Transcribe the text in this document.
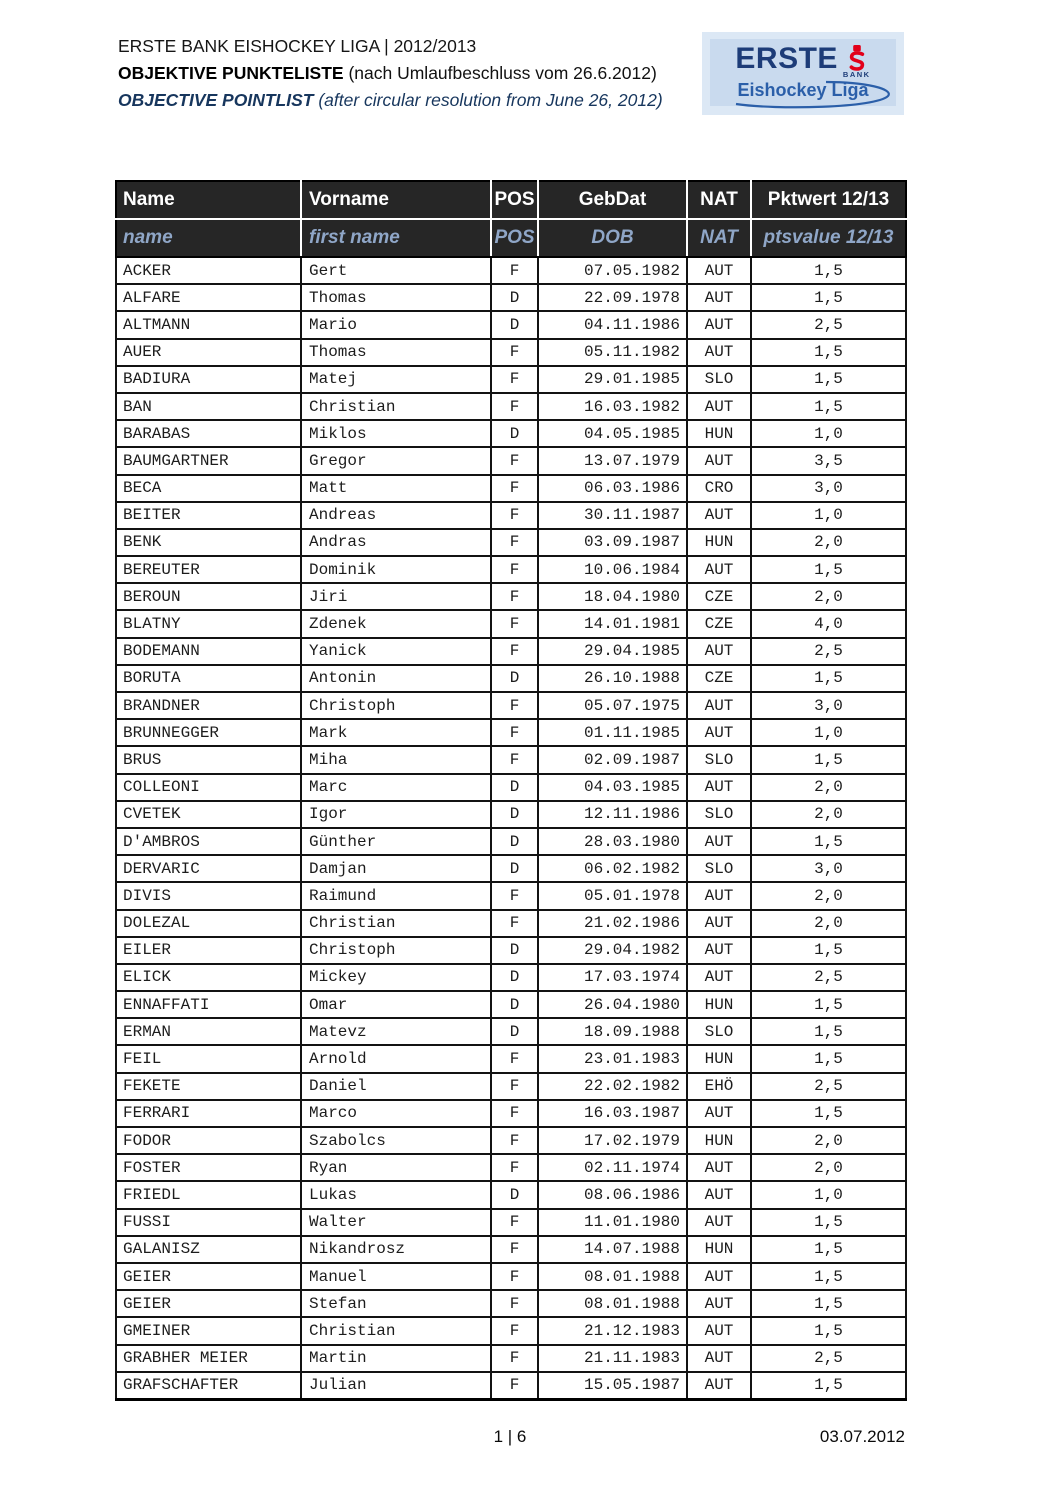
ERSTE BANK EISHOCKEY LIGA | 2012/2013
OBJEKTIVE PUNKTELISTE (nach Umlaufbeschluss vom 26.6.2012)
OBJECTIVE POINTLIST (after circular resolution from June 26, 2012)
ERSTE BANK
Eishockey Liga
Name	Vorname	POS	GebDat	NAT	Pktwert 12/13
name	first name	POS	DOB	NAT	ptsvalue 12/13
ACKER	Gert	F	07.05.1982	AUT	1,5
ALFARE	Thomas	D	22.09.1978	AUT	1,5
ALTMANN	Mario	D	04.11.1986	AUT	2,5
AUER	Thomas	F	05.11.1982	AUT	1,5
BADIURA	Matej	F	29.01.1985	SLO	1,5
BAN	Christian	F	16.03.1982	AUT	1,5
BARABAS	Miklos	D	04.05.1985	HUN	1,0
BAUMGARTNER	Gregor	F	13.07.1979	AUT	3,5
BECA	Matt	F	06.03.1986	CRO	3,0
BEITER	Andreas	F	30.11.1987	AUT	1,0
BENK	Andras	F	03.09.1987	HUN	2,0
BEREUTER	Dominik	F	10.06.1984	AUT	1,5
BEROUN	Jiri	F	18.04.1980	CZE	2,0
BLATNY	Zdenek	F	14.01.1981	CZE	4,0
BODEMANN	Yanick	F	29.04.1985	AUT	2,5
BORUTA	Antonin	D	26.10.1988	CZE	1,5
BRANDNER	Christoph	F	05.07.1975	AUT	3,0
BRUNNEGGER	Mark	F	01.11.1985	AUT	1,0
BRUS	Miha	F	02.09.1987	SLO	1,5
COLLEONI	Marc	D	04.03.1985	AUT	2,0
CVETEK	Igor	D	12.11.1986	SLO	2,0
D'AMBROS	Günther	D	28.03.1980	AUT	1,5
DERVARIC	Damjan	D	06.02.1982	SLO	3,0
DIVIS	Raimund	F	05.01.1978	AUT	2,0
DOLEZAL	Christian	F	21.02.1986	AUT	2,0
EILER	Christoph	D	29.04.1982	AUT	1,5
ELICK	Mickey	D	17.03.1974	AUT	2,5
ENNAFFATI	Omar	D	26.04.1980	HUN	1,5
ERMAN	Matevz	D	18.09.1988	SLO	1,5
FEIL	Arnold	F	23.01.1983	HUN	1,5
FEKETE	Daniel	F	22.02.1982	EHÖ	2,5
FERRARI	Marco	F	16.03.1987	AUT	1,5
FODOR	Szabolcs	F	17.02.1979	HUN	2,0
FOSTER	Ryan	F	02.11.1974	AUT	2,0
FRIEDL	Lukas	D	08.06.1986	AUT	1,0
FUSSI	Walter	F	11.01.1980	AUT	1,5
GALANISZ	Nikandrosz	F	14.07.1988	HUN	1,5
GEIER	Manuel	F	08.01.1988	AUT	1,5
GEIER	Stefan	F	08.01.1988	AUT	1,5
GMEINER	Christian	F	21.12.1983	AUT	1,5
GRABHER MEIER	Martin	F	21.11.1983	AUT	2,5
GRAFSCHAFTER	Julian	F	15.05.1987	AUT	1,5
1 | 6	03.07.2012
